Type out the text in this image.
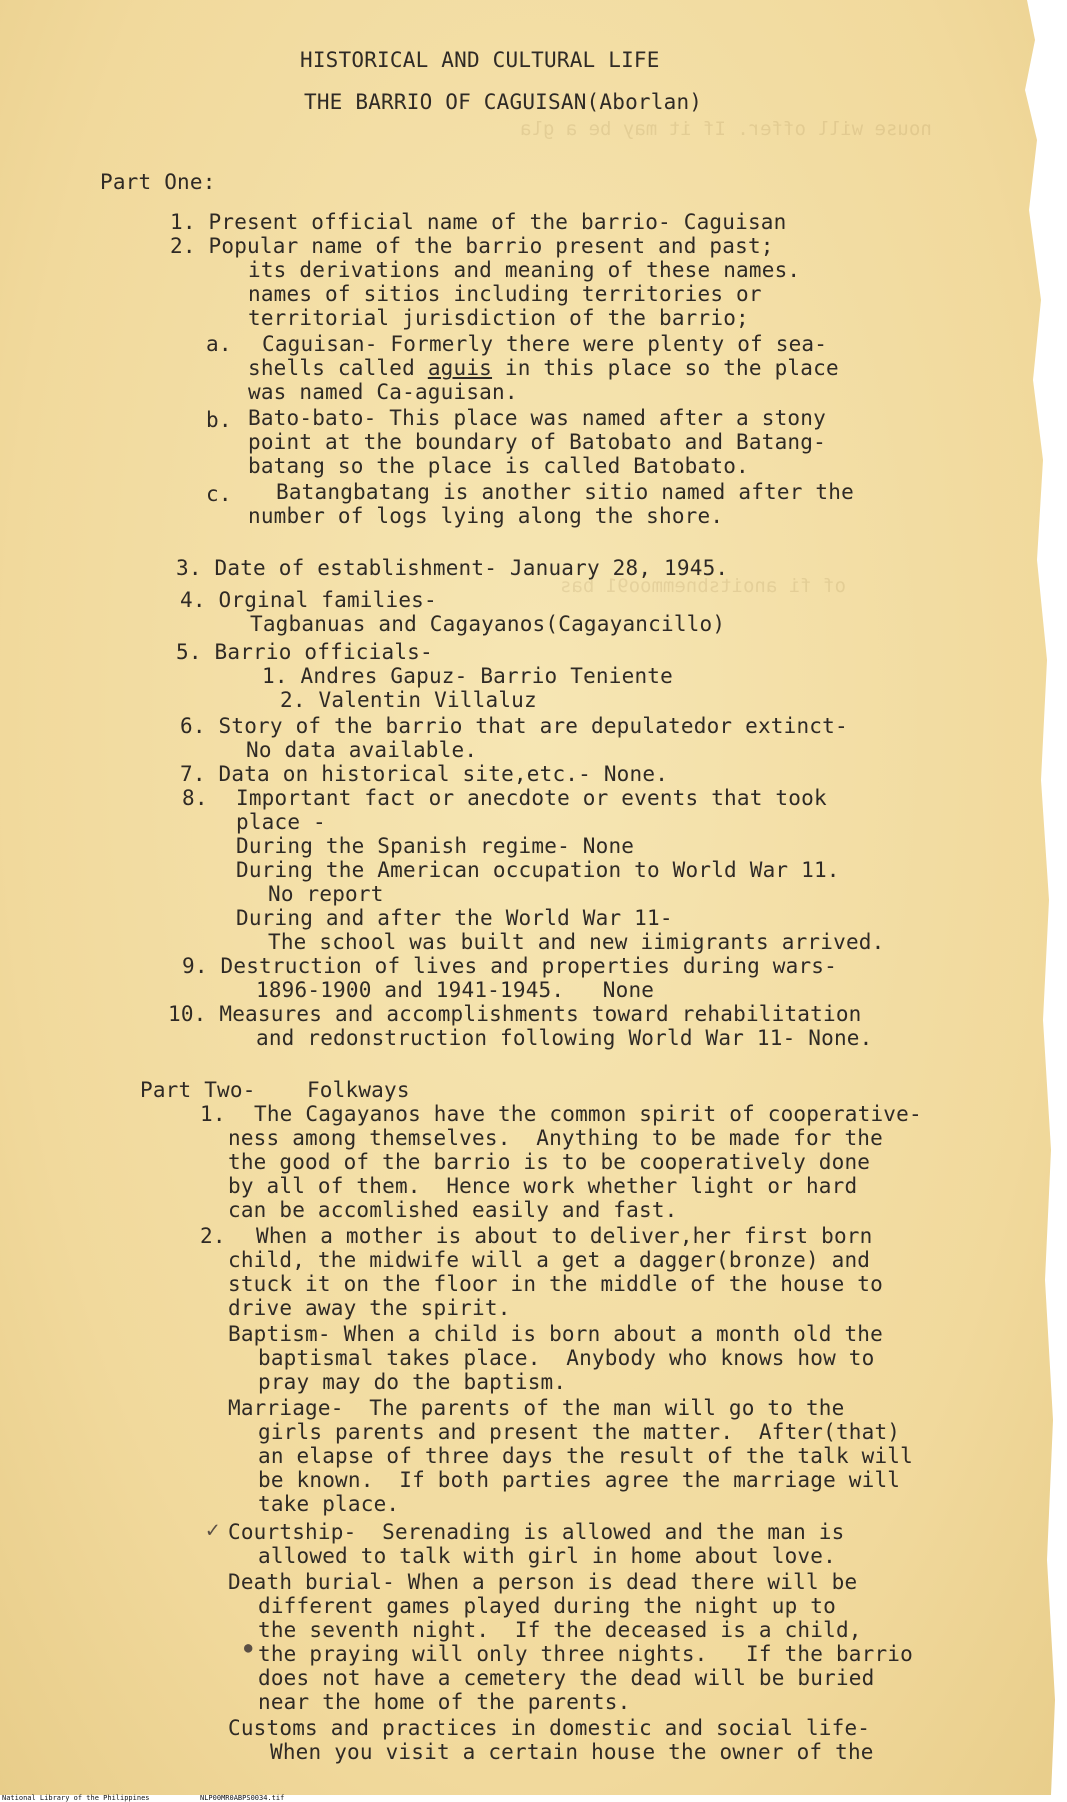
nouse will offer. If it may be a gla
of fi anoitsbnemmoo91 bas
HISTORICAL AND CULTURAL LIFE
THE BARRIO OF CAGUISAN(Aborlan)
Part One:
1. Present official name of the barrio- Caguisan
2. Popular name of the barrio present and past;
its derivations and meaning of these names.
names of sitios including territories or
territorial jurisdiction of the barrio;
a. Caguisan- Formerly there were plenty of sea-
shells called aguis in this place so the place
was named Ca-aguisan.
b. Bato-bato- This place was named after a stony
point at the boundary of Batobato and Batang-
batang so the place is called Batobato.
c. Batangbatang is another sitio named after the
number of logs lying along the shore.
3. Date of establishment- January 28, 1945.
4. Orginal families-
Tagbanuas and Cagayanos(Cagayancillo)
5. Barrio officials-
1. Andres Gapuz- Barrio Teniente
2. Valentin Villaluz
6. Story of the barrio that are depulatedor extinct-
No data available.
7. Data on historical site,etc.- None.
8. Important fact or anecdote or events that took
place -
During the Spanish regime- None
During the American occupation to World War 11.
No report
During and after the World War 11-
The school was built and new iimigrants arrived.
9. Destruction of lives and properties during wars-
1896-1900 and 1941-1945.   None
10. Measures and accomplishments toward rehabilitation
and redonstruction following World War 11- None.
Part Two-    Folkways
1. The Cagayanos have the common spirit of cooperative-
ness among themselves.  Anything to be made for the
the good of the barrio is to be cooperatively done
by all of them.  Hence work whether light or hard
can be accomlished easily and fast.
2. When a mother is about to deliver,her first born
child, the midwife will a get a dagger(bronze) and
stuck it on the floor in the middle of the house to
drive away the spirit.
Baptism- When a child is born about a month old the
baptismal takes place.  Anybody who knows how to
pray may do the baptism.
Marriage-  The parents of the man will go to the
girls parents and present the matter.  After(that)
an elapse of three days the result of the talk will
be known.  If both parties agree the marriage will
take place.
✓ Courtship-  Serenading is allowed and the man is
allowed to talk with girl in home about love.
Death burial- When a person is dead there will be
different games played during the night up to
the seventh night.  If the deceased is a child,
● the praying will only three nights.   If the barrio
does not have a cemetery the dead will be buried
near the home of the parents.
Customs and practices in domestic and social life-
When you visit a certain house the owner of the
National Library of the Philippines	NLP00MR0ABPS0034.tif
